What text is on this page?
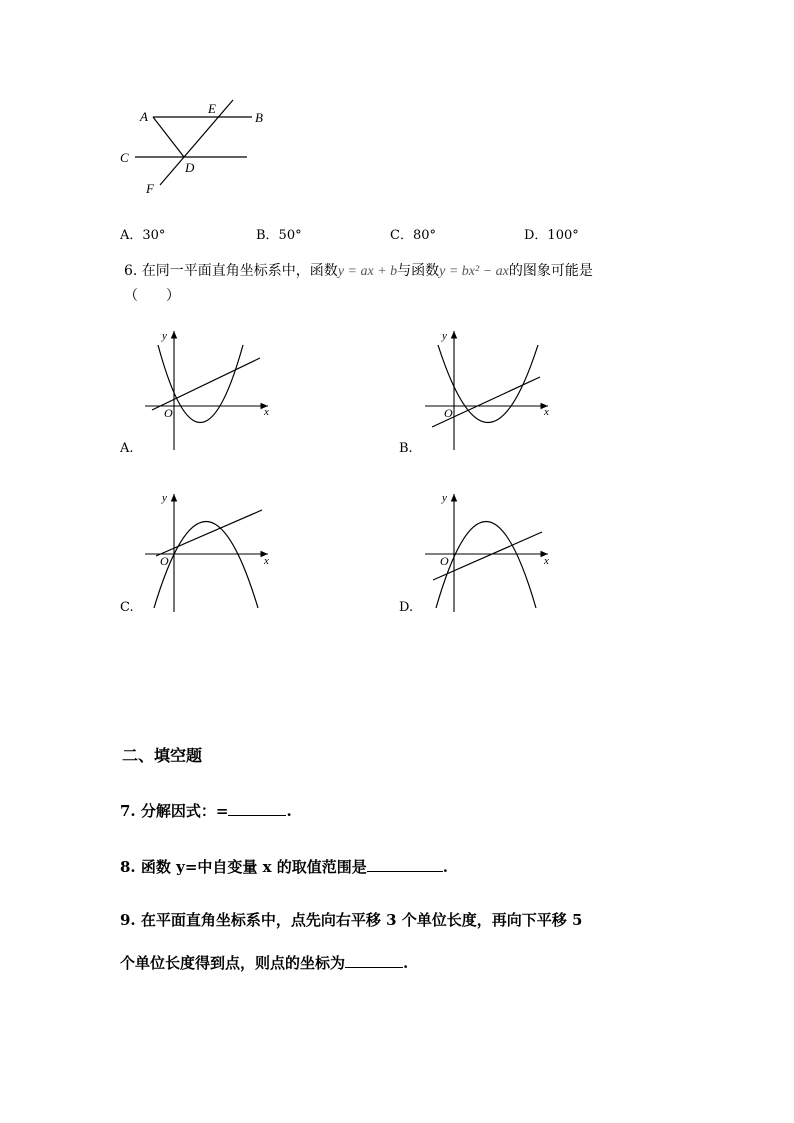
A
E
B
C
D
F
A．30°	B．50°	C．80°	D．100°
6. 在同一平面直角坐标系中，函数y = ax + b与函数y = bx² − ax的图象可能是
（　　）
y
x
O
A.
y
x
O
B.
y
x
O
C.
y
x
O
D.
二、填空题
7. 分解因式：=	.
8. 函数 y=中自变量 x 的取值范围是	.
9. 在平面直角坐标系中，点先向右平移 3 个单位长度，再向下平移 5
个单位长度得到点，则点的坐标为	.
